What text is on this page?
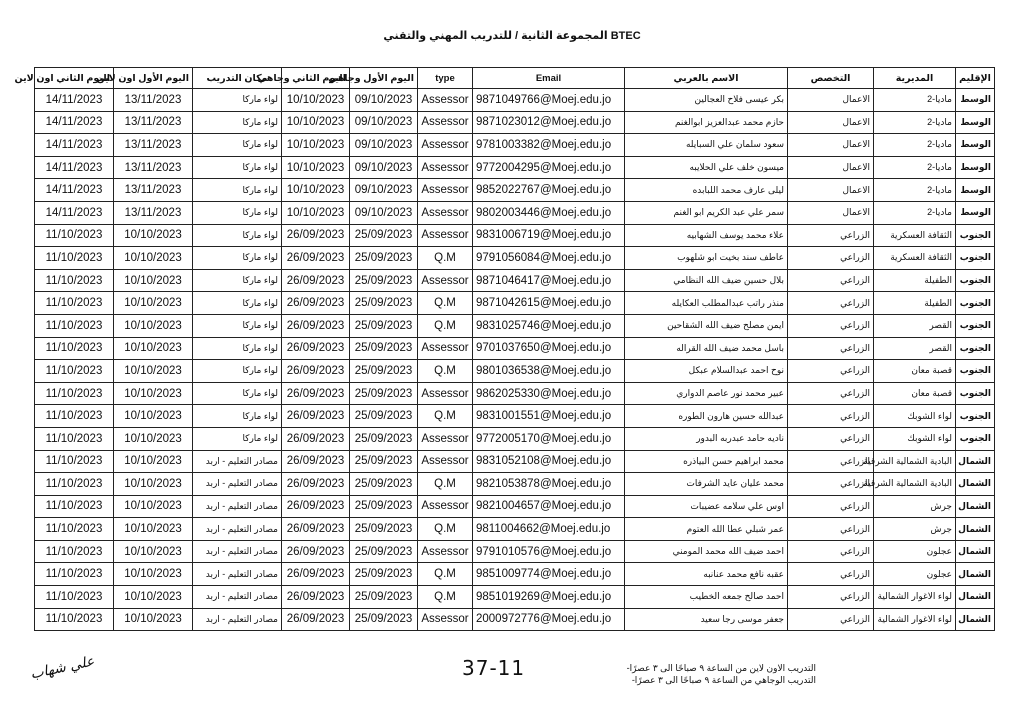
المجموعة الثانية / للتدريب المهني والتقني BTEC
الإقليم	المديرية	التخصص	الاسم بالعربي	Email	type	اليوم الأول وجاهي	اليوم الثاني وجاهي	مكان التدريب	اليوم الأول اون لاين	اليوم الثاني اون لاين
الوسط	ماديا-2	الاعمال	بكر عيسى فلاح العجالين	9871049766@Moej.edu.jo	Assessor	09/10/2023	10/10/2023	لواء ماركا	13/11/2023	14/11/2023
الوسط	ماديا-2	الاعمال	حازم محمد عبدالعزيز ابوالغنم	9871023012@Moej.edu.jo	Assessor	09/10/2023	10/10/2023	لواء ماركا	13/11/2023	14/11/2023
الوسط	ماديا-2	الاعمال	سعود سلمان علي السبايله	9781003382@Moej.edu.jo	Assessor	09/10/2023	10/10/2023	لواء ماركا	13/11/2023	14/11/2023
الوسط	ماديا-2	الاعمال	ميسون خلف علي الحلايبه	9772004295@Moej.edu.jo	Assessor	09/10/2023	10/10/2023	لواء ماركا	13/11/2023	14/11/2023
الوسط	ماديا-2	الاعمال	ليلى عارف محمد اللبابده	9852022767@Moej.edu.jo	Assessor	09/10/2023	10/10/2023	لواء ماركا	13/11/2023	14/11/2023
الوسط	ماديا-2	الاعمال	سمر علي عبد الكريم ابو الغنم	9802003446@Moej.edu.jo	Assessor	09/10/2023	10/10/2023	لواء ماركا	13/11/2023	14/11/2023
الجنوب	الثقافة العسكرية	الزراعي	علاء محمد يوسف الشهابيه	9831006719@Moej.edu.jo	Assessor	25/09/2023	26/09/2023	لواء ماركا	10/10/2023	11/10/2023
الجنوب	الثقافة العسكرية	الزراعي	عاطف سند بخيت ابو شلهوب	9791056084@Moej.edu.jo	Q.M	25/09/2023	26/09/2023	لواء ماركا	10/10/2023	11/10/2023
الجنوب	الطفيلة	الزراعي	بلال حسين ضيف الله النظامي	9871046417@Moej.edu.jo	Assessor	25/09/2023	26/09/2023	لواء ماركا	10/10/2023	11/10/2023
الجنوب	الطفيلة	الزراعي	منذر راتب عبدالمطلب العكايله	9871042615@Moej.edu.jo	Q.M	25/09/2023	26/09/2023	لواء ماركا	10/10/2023	11/10/2023
الجنوب	القصر	الزراعي	ايمن مصلح ضيف الله الشقاحين	9831025746@Moej.edu.jo	Q.M	25/09/2023	26/09/2023	لواء ماركا	10/10/2023	11/10/2023
الجنوب	القصر	الزراعي	باسل محمد ضيف الله القراله	9701037650@Moej.edu.jo	Assessor	25/09/2023	26/09/2023	لواء ماركا	10/10/2023	11/10/2023
الجنوب	قصبة معان	الزراعي	نوح احمد عبدالسلام عبكل	9801036538@Moej.edu.jo	Q.M	25/09/2023	26/09/2023	لواء ماركا	10/10/2023	11/10/2023
الجنوب	قصبة معان	الزراعي	عبير محمد نور عاصم الدواري	9862025330@Moej.edu.jo	Assessor	25/09/2023	26/09/2023	لواء ماركا	10/10/2023	11/10/2023
الجنوب	لواء الشوبك	الزراعي	عبدالله حسين هارون الطوره	9831001551@Moej.edu.jo	Q.M	25/09/2023	26/09/2023	لواء ماركا	10/10/2023	11/10/2023
الجنوب	لواء الشوبك	الزراعي	ناديه حامد عبدربه البدور	9772005170@Moej.edu.jo	Assessor	25/09/2023	26/09/2023	لواء ماركا	10/10/2023	11/10/2023
الشمال	البادية الشمالية الشرقية	الزراعي	محمد ابراهيم حسن البياذره	9831052108@Moej.edu.jo	Assessor	25/09/2023	26/09/2023	مصادر التعليم - اربد	10/10/2023	11/10/2023
الشمال	البادية الشمالية الشرقية	الزراعي	محمد عليان عايد الشرفات	9821053878@Moej.edu.jo	Q.M	25/09/2023	26/09/2023	مصادر التعليم - اربد	10/10/2023	11/10/2023
الشمال	جرش	الزراعي	اوس علي سلامه عضيبات	9821004657@Moej.edu.jo	Assessor	25/09/2023	26/09/2023	مصادر التعليم - اربد	10/10/2023	11/10/2023
الشمال	جرش	الزراعي	عمر شبلي عطا الله العتوم	9811004662@Moej.edu.jo	Q.M	25/09/2023	26/09/2023	مصادر التعليم - اربد	10/10/2023	11/10/2023
الشمال	عجلون	الزراعي	احمد ضيف الله محمد المومني	9791010576@Moej.edu.jo	Assessor	25/09/2023	26/09/2023	مصادر التعليم - اربد	10/10/2023	11/10/2023
الشمال	عجلون	الزراعي	عقبه نافع محمد عنانبه	9851009774@Moej.edu.jo	Q.M	25/09/2023	26/09/2023	مصادر التعليم - اربد	10/10/2023	11/10/2023
الشمال	لواء الاغوار الشمالية	الزراعي	احمد صالح جمعه الخطيب	9851019269@Moej.edu.jo	Q.M	25/09/2023	26/09/2023	مصادر التعليم - اربد	10/10/2023	11/10/2023
الشمال	لواء الاغوار الشمالية	الزراعي	جعفر موسى رجا سعيد	2000972776@Moej.edu.jo	Assessor	25/09/2023	26/09/2023	مصادر التعليم - اربد	10/10/2023	11/10/2023
37-11
علي شهاب	التدريب الاون لاين من الساعة ٩ صباحًا الى ٣ عصرًا-
التدريب الوجاهي من الساعة ٩ صباحًا الى ٣ عصرًا-
